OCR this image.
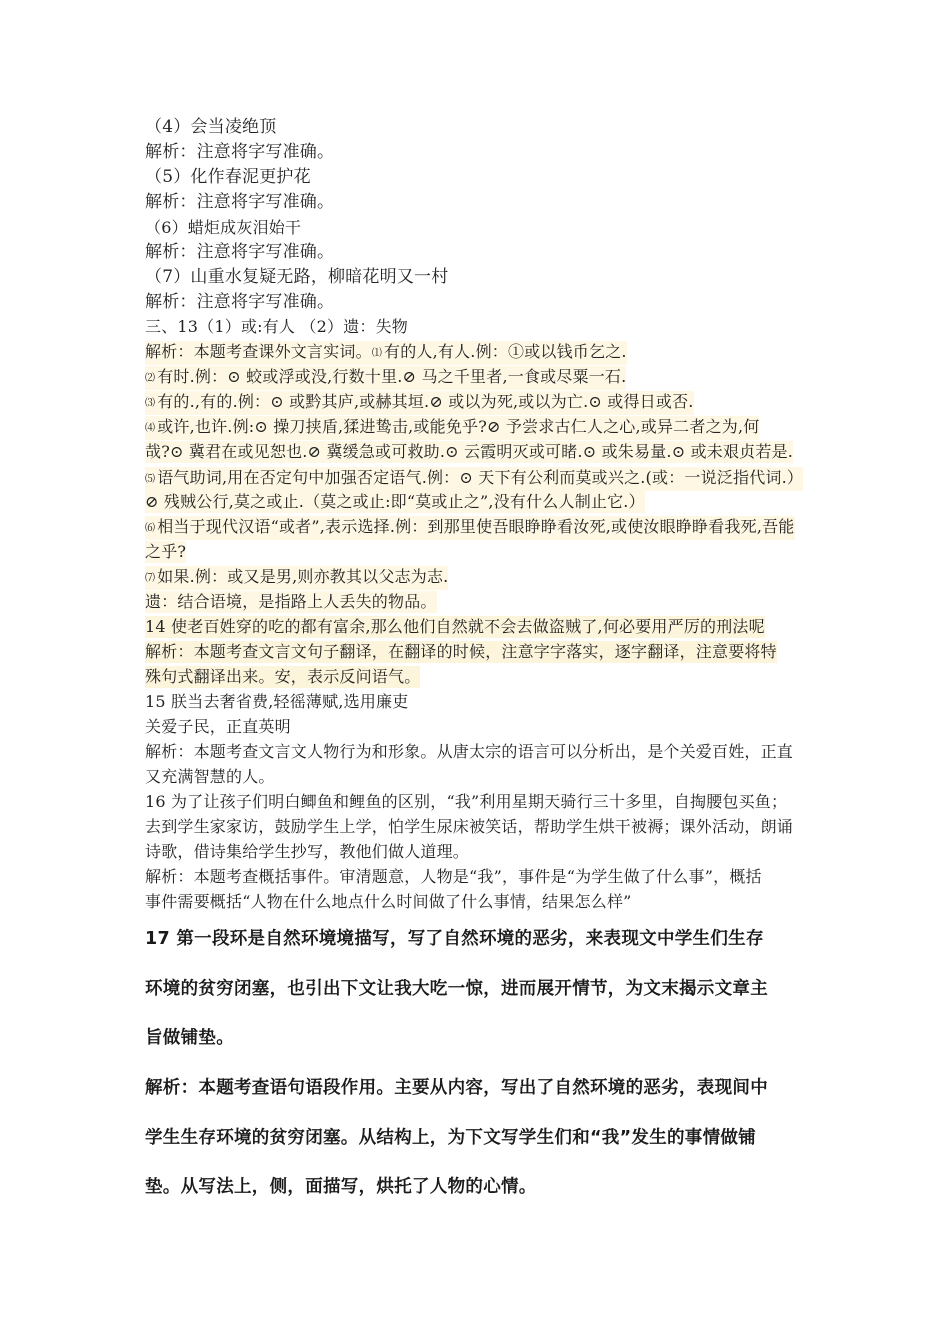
（4）会当凌绝顶

解析：注意将字写准确。

（5）化作春泥更护花

解析：注意将字写准确。

（6）蜡炬成灰泪始干

解析：注意将字写准确。

（7）山重水复疑无路，柳暗花明又一村

解析：注意将字写准确。

三、13（1）或:有人 （2）遗：失物

解析：本题考查课外文言实词。⑴ 有的人,有人.例：①或以钱币乞之.

⑵ 有时.例：⊙ 蛟或浮或没,行数十里.⊘ 马之千里者,一食或尽粟一石.

⑶ 有的.,有的.例：⊙ 或黔其庐,或赫其垣.⊘ 或以为死,或以为亡.⊙ 或得日或否.

⑷ 或许,也许.例:⊙ 操刀挟盾,猱进鸷击,或能免乎?⊘ 予尝求古仁人之心,或异二者之为,何

哉?⊙ 冀君在或见恕也.⊘ 冀缓急或可救助.⊙ 云霞明灭或可睹.⊙ 或朱易量.⊙ 或未艰贞若是.

⑸ 语气助词,用在否定句中加强否定语气.例：⊙ 天下有公利而莫或兴之.(或：一说泛指代词.）

⊘ 残贼公行,莫之或止.（莫之或止:即“莫或止之”,没有什么人制止它.）

⑹ 相当于现代汉语“或者”,表示选择.例：到那里使吾眼睁睁看汝死,或使汝眼睁睁看我死,吾能

之乎?

⑺ 如果.例：或又是男,则亦教其以父志为志.

遗：结合语境，是指路上人丢失的物品。

14 使老百姓穿的吃的都有富余,那么他们自然就不会去做盗贼了,何必要用严厉的刑法呢

解析：本题考查文言文句子翻译，在翻译的时候，注意字字落实，逐字翻译，注意要将特

殊句式翻译出来。安，表示反问语气。

15 朕当去奢省费,轻徭薄赋,选用廉吏

关爱子民，正直英明

解析：本题考查文言文人物行为和形象。从唐太宗的语言可以分析出，是个关爱百姓，正直

又充满智慧的人。

16 为了让孩子们明白鲫鱼和鲤鱼的区别，“我”利用星期天骑行三十多里，自掏腰包买鱼；

去到学生家家访，鼓励学生上学，怕学生尿床被笑话，帮助学生烘干被褥；课外活动，朗诵

诗歌，借诗集给学生抄写，教他们做人道理。

解析：本题考查概括事件。审清题意，人物是“我”，事件是“为学生做了什么事”，概括

事件需要概括“人物在什么地点什么时间做了什么事情，结果怎么样”

17 第一段环是自然环境境描写，写了自然环境的恶劣，来表现文中学生们生存

环境的贫穷闭塞，也引出下文让我大吃一惊，进而展开情节，为文末揭示文章主

旨做铺垫。

解析：本题考查语句语段作用。主要从内容，写出了自然环境的恶劣，表现间中

学生生存环境的贫穷闭塞。从结构上，为下文写学生们和“我”发生的事情做铺

垫。从写法上，侧，面描写，烘托了人物的心情。
